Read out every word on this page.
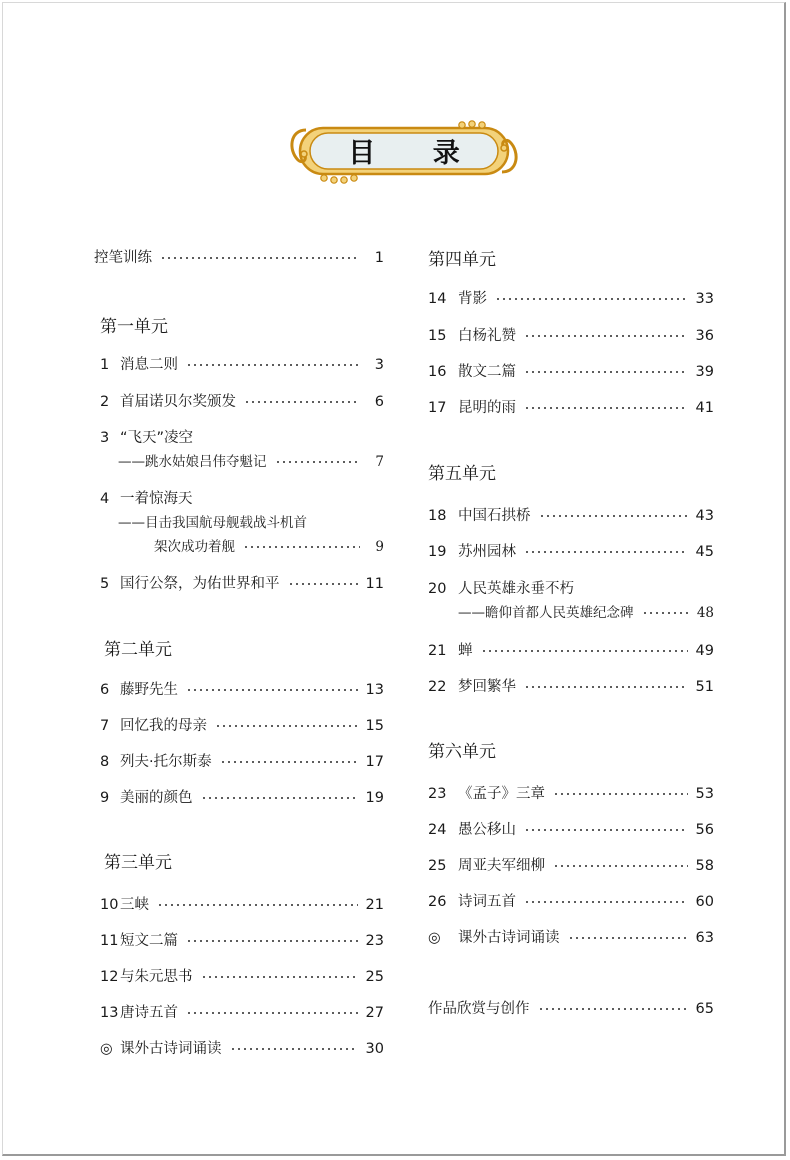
目 录
控笔训练	1
第一单元
1 消息二则	3
2 首届诺贝尔奖颁发	6
3 “飞天”凌空
——跳水姑娘吕伟夺魁记	7
4 一着惊海天
——目击我国航母舰载战斗机首
架次成功着舰	9
5 国行公祭，为佑世界和平	11
第二单元
6 藤野先生	13
7 回忆我的母亲	15
8 列夫·托尔斯泰	17
9 美丽的颜色	19
第三单元
10 三峡	21
11 短文二篇	23
12 与朱元思书	25
13 唐诗五首	27
◎ 课外古诗词诵读	30
第四单元
14 背影	33
15 白杨礼赞	36
16 散文二篇	39
17 昆明的雨	41
第五单元
18 中国石拱桥	43
19 苏州园林	45
20 人民英雄永垂不朽
——瞻仰首都人民英雄纪念碑	48
21 蝉	49
22 梦回繁华	51
第六单元
23 《孟子》三章	53
24 愚公移山	56
25 周亚夫军细柳	58
26 诗词五首	60
◎	课外古诗词诵读	63
作品欣赏与创作	65
